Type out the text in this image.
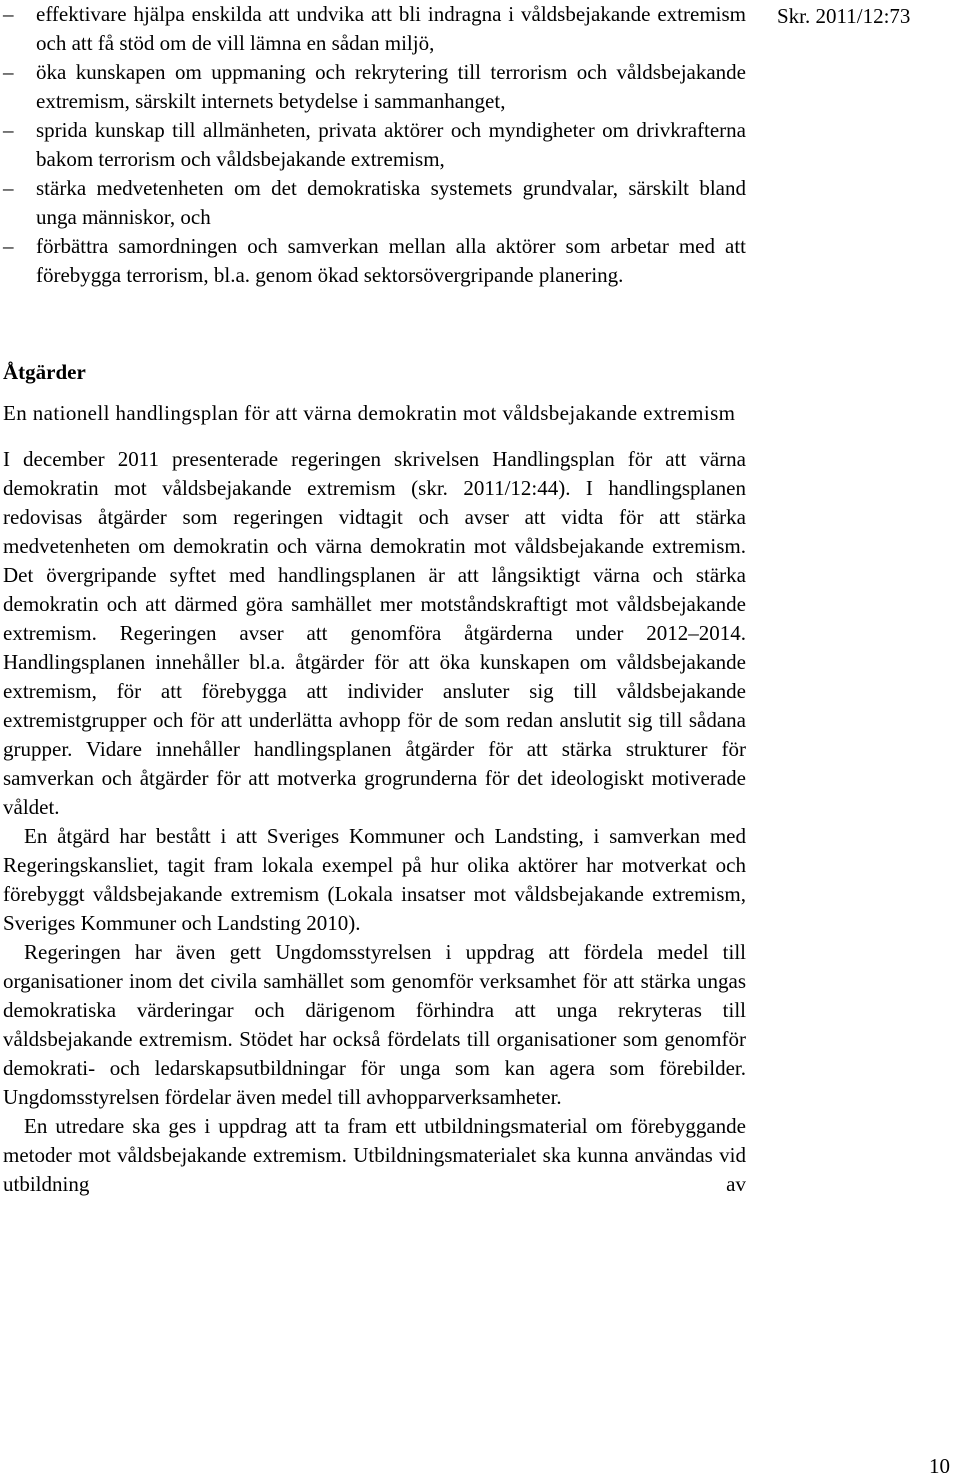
Skr. 2011/12:73
– effektivare hjälpa enskilda att undvika att bli indragna i våldsbejakande extremism och att få stöd om de vill lämna en sådan miljö,
– öka kunskapen om uppmaning och rekrytering till terrorism och våldsbejakande extremism, särskilt internets betydelse i sammanhanget,
– sprida kunskap till allmänheten, privata aktörer och myndigheter om drivkrafterna bakom terrorism och våldsbejakande extremism,
– stärka medvetenheten om det demokratiska systemets grundvalar, särskilt bland unga människor, och
– förbättra samordningen och samverkan mellan alla aktörer som arbetar med att förebygga terrorism, bl.a. genom ökad sektorsövergripande planering.
Åtgärder

En nationell handlingsplan för att värna demokratin mot våldsbejakande extremism

I december 2011 presenterade regeringen skrivelsen Handlingsplan för att värna demokratin mot våldsbejakande extremism (skr. 2011/12:44). I handlingsplanen redovisas åtgärder som regeringen vidtagit och avser att vidta för att stärka medvetenheten om demokratin och värna demokratin mot våldsbejakande extremism. Det övergripande syftet med handlingsplanen är att långsiktigt värna och stärka demokratin och att därmed göra samhället mer motståndskraftigt mot våldsbejakande extremism. Regeringen avser att genomföra åtgärderna under 2012–2014. Handlingsplanen innehåller bl.a. åtgärder för att öka kunskapen om våldsbejakande extremism, för att förebygga att individer ansluter sig till våldsbejakande extremistgrupper och för att underlätta avhopp för de som redan anslutit sig till sådana grupper. Vidare innehåller handlingsplanen åtgärder för att stärka strukturer för samverkan och åtgärder för att motverka grogrunderna för det ideologiskt motiverade våldet.

En åtgärd har bestått i att Sveriges Kommuner och Landsting, i samverkan med Regeringskansliet, tagit fram lokala exempel på hur olika aktörer har motverkat och förebyggt våldsbejakande extremism (Lokala insatser mot våldsbejakande extremism, Sveriges Kommuner och Landsting 2010).

Regeringen har även gett Ungdomsstyrelsen i uppdrag att fördela medel till organisationer inom det civila samhället som genomför verksamhet för att stärka ungas demokratiska värderingar och därigenom förhindra att unga rekryteras till våldsbejakande extremism. Stödet har också fördelats till organisationer som genomför demokrati- och ledarskapsutbildningar för unga som kan agera som förebilder. Ungdomsstyrelsen fördelar även medel till avhopparverksamheter.

En utredare ska ges i uppdrag att ta fram ett utbildningsmaterial om förebyggande metoder mot våldsbejakande extremism. Utbildningsmaterialet ska kunna användas vid utbildning av

10
